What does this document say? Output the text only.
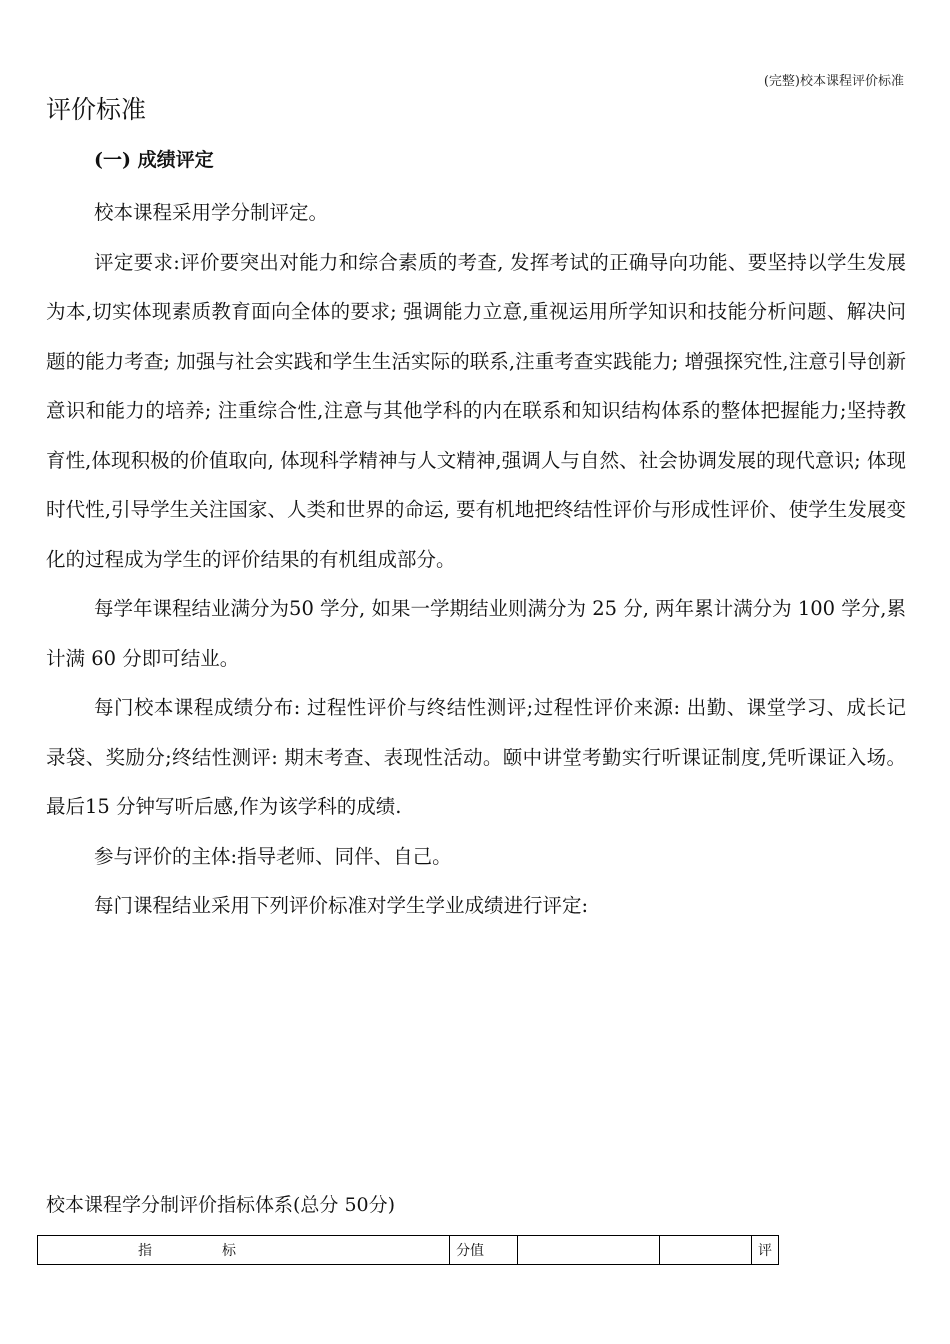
(完整)校本课程评价标准
评价标准
(一) 成绩评定

校本课程采用学分制评定。

评定要求:评价要突出对能力和综合素质的考查, 发挥考试的正确导向功能、要坚持以学生发展为本,切实体现素质教育面向全体的要求; 强调能力立意,重视运用所学知识和技能分析问题、解决问题的能力考查; 加强与社会实践和学生生活实际的联系,注重考查实践能力; 增强探究性,注意引导创新意识和能力的培养; 注重综合性,注意与其他学科的内在联系和知识结构体系的整体把握能力;坚持教育性,体现积极的价值取向, 体现科学精神与人文精神,强调人与自然、社会协调发展的现代意识; 体现时代性,引导学生关注国家、人类和世界的命运, 要有机地把终结性评价与形成性评价、使学生发展变化的过程成为学生的评价结果的有机组成部分。

每学年课程结业满分为50 学分, 如果一学期结业则满分为 25 分, 两年累计满分为 100 学分,累计满 60 分即可结业。

每门校本课程成绩分布: 过程性评价与终结性测评;过程性评价来源: 出勤、课堂学习、成长记录袋、奖励分;终结性测评: 期末考查、表现性活动。颐中讲堂考勤实行听课证制度,凭听课证入场。最后15 分钟写听后感,作为该学科的成绩.

参与评价的主体:指导老师、同伴、自己。

每门课程结业采用下列评价标准对学生学业成绩进行评定:

校本课程学分制评价指标体系(总分 50分)
指标	分值			评
